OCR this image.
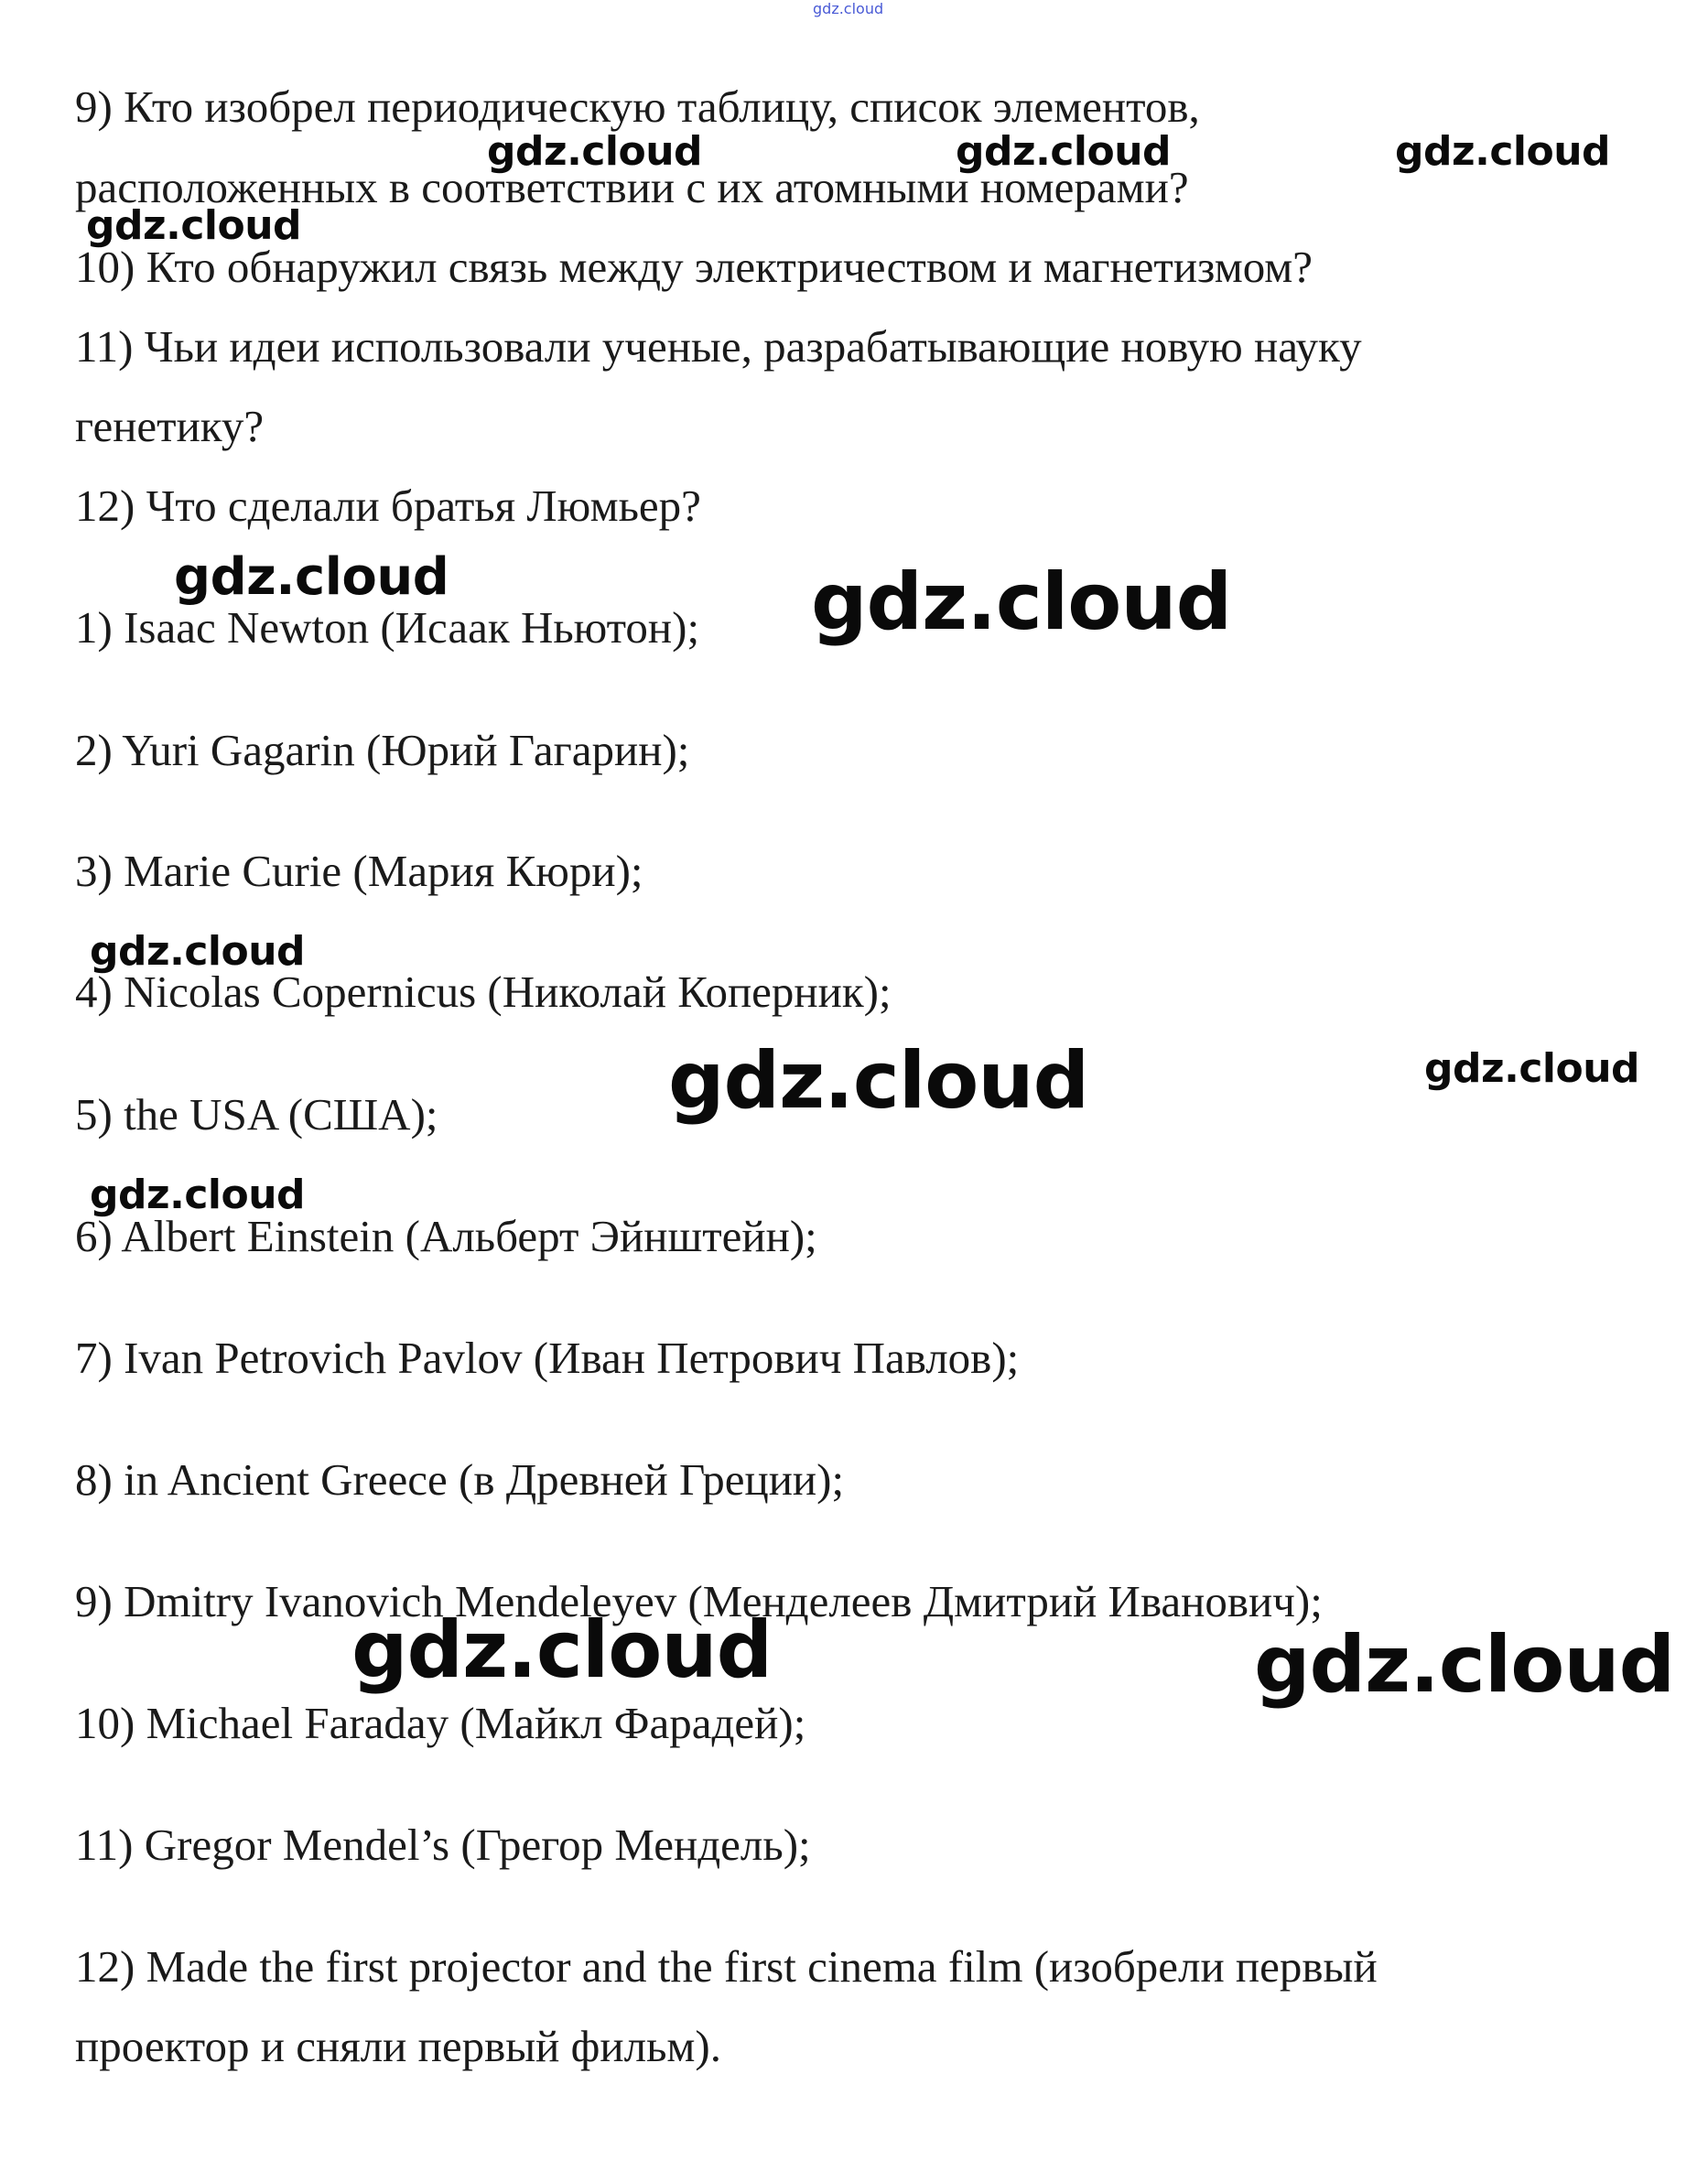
gdz.cloud
9) Кто изобрел периодическую таблицу, список элементов,
расположенных в соответствии с их атомными номерами?
10) Кто обнаружил связь между электричеством и магнетизмом?
11) Чьи идеи использовали ученые, разрабатывающие новую науку
генетику?
12) Что сделали братья Люмьер?
1) Isaac Newton (Исаак Ньютон);
2) Yuri Gagarin (Юрий Гагарин);
3) Marie Curie (Мария Кюри);
4) Nicolas Copernicus (Николай Коперник);
5) the USA (США);
6) Albert Einstein (Альберт Эйнштейн);
7) Ivan Petrovich Pavlov (Иван Петрович Павлов);
8) in Ancient Greece (в Древней Греции);
9) Dmitry Ivanovich Mendeleyev (Менделеев Дмитрий Иванович);
10) Michael Faraday (Майкл Фарадей);
11) Gregor Mendel’s (Грегор Мендель);
12) Made the first projector and the first cinema film (изобрели первый
проектор и сняли первый фильм).
gdz.cloud	gdz.cloud	gdz.cloud
gdz.cloud
gdz.cloud	gdz.cloud
gdz.cloud
gdz.cloud	gdz.cloud
gdz.cloud
gdz.cloud	gdz.cloud
